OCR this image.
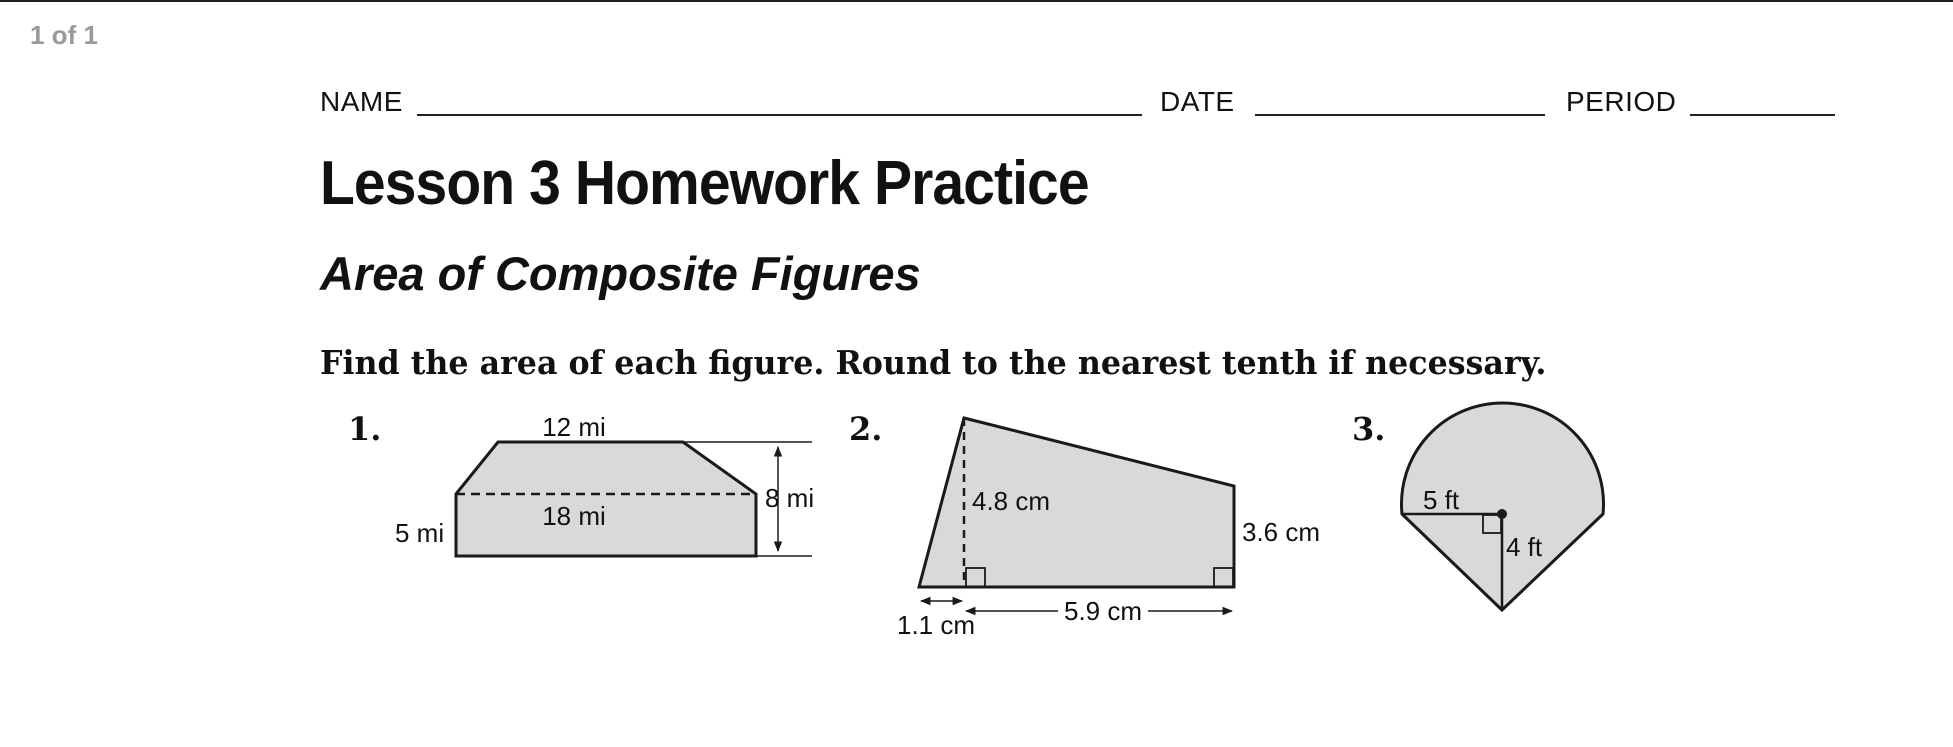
1 of 1
NAME	DATE	PERIOD
Lesson 3 Homework Practice
Area of Composite Figures
Find the area of each figure. Round to the nearest tenth if necessary.
1.	2.	3.
12 mi
18 mi
5 mi
8 mi	4.8 cm
3.6 cm
1.1 cm	5.9 cm
5 ft
4 ft
